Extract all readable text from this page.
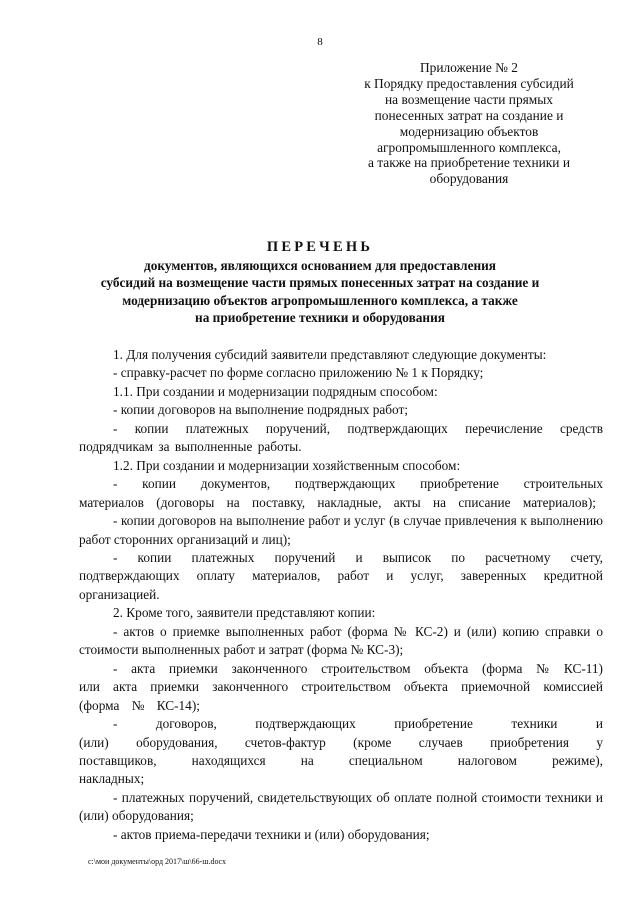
8
Приложение № 2
к Порядку предоставления субсидий
на возмещение части прямых
понесенных затрат на создание и
модернизацию объектов
агропромышленного комплекса,
а также на приобретение техники и
оборудования
ПЕРЕЧЕНЬ
документов, являющихся основанием для предоставления
субсидий на возмещение части прямых понесенных затрат на создание и
модернизацию объектов агропромышленного комплекса, а также
на приобретение техники и оборудования

1. Для получения субсидий заявители представляют следующие документы:

- справку-расчет по форме согласно приложению № 1 к Порядку;

1.1. При создании и модернизации подрядным способом:

- копии договоров на выполнение подрядных работ;

- копии платежных поручений, подтверждающих перечисление средств подрядчикам за выполненные работы.

1.2. При создании и модернизации хозяйственным способом:

- копии документов, подтверждающих приобретение строительных материалов (договоры на поставку, накладные, акты на списание материалов);

- копии договоров на выполнение работ и услуг (в случае привлечения к выполнению работ сторонних организаций и лиц);

- копии платежных поручений и выписок по расчетному счету, подтверждающих оплату материалов, работ и услуг, заверенных кредитной организацией.

2. Кроме того, заявители представляют копии:

- актов о приемке выполненных работ (форма № КС-2) и (или) копию справки о стоимости выполненных работ и затрат (форма № КС-3);

- акта приемки законченного строительством объекта (форма № КС-11) или акта приемки законченного строительством объекта приемочной комиссией (форма № КС-14);

- договоров, подтверждающих приобретение техники и (или) оборудования, счетов-фактур (кроме случаев приобретения у поставщиков, находящихся на специальном налоговом режиме), накладных;

- платежных поручений, свидетельствующих об оплате полной стоимости техники и (или) оборудования;

- актов приема-передачи техники и (или) оборудования;

c:\мои документы\орд 2017\ш\66-ш.docx
